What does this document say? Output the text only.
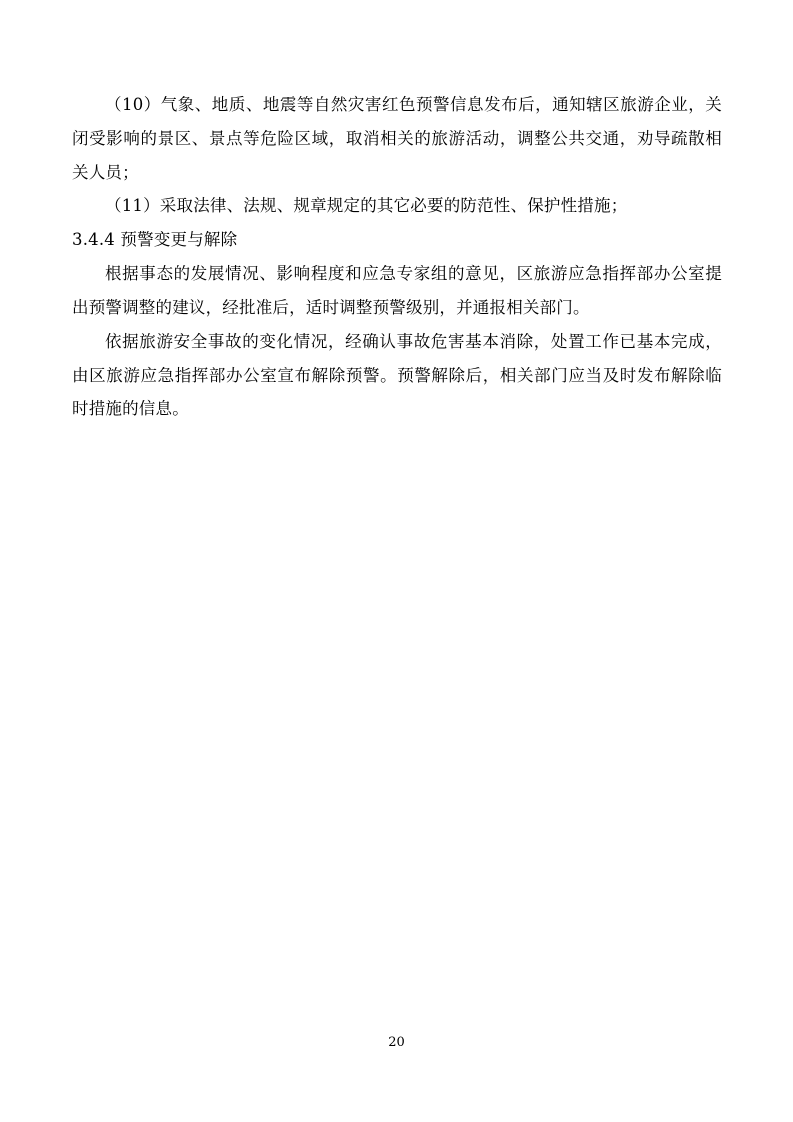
（10）气象、地质、地震等自然灾害红色预警信息发布后，通知辖区旅游企业，关闭受影响的景区、景点等危险区域，取消相关的旅游活动，调整公共交通，劝导疏散相关人员；

（11）采取法律、法规、规章规定的其它必要的防范性、保护性措施；

3.4.4 预警变更与解除

根据事态的发展情况、影响程度和应急专家组的意见，区旅游应急指挥部办公室提出预警调整的建议，经批准后，适时调整预警级别，并通报相关部门。

依据旅游安全事故的变化情况，经确认事故危害基本消除，处置工作已基本完成，由区旅游应急指挥部办公室宣布解除预警。预警解除后，相关部门应当及时发布解除临时措施的信息。

20
